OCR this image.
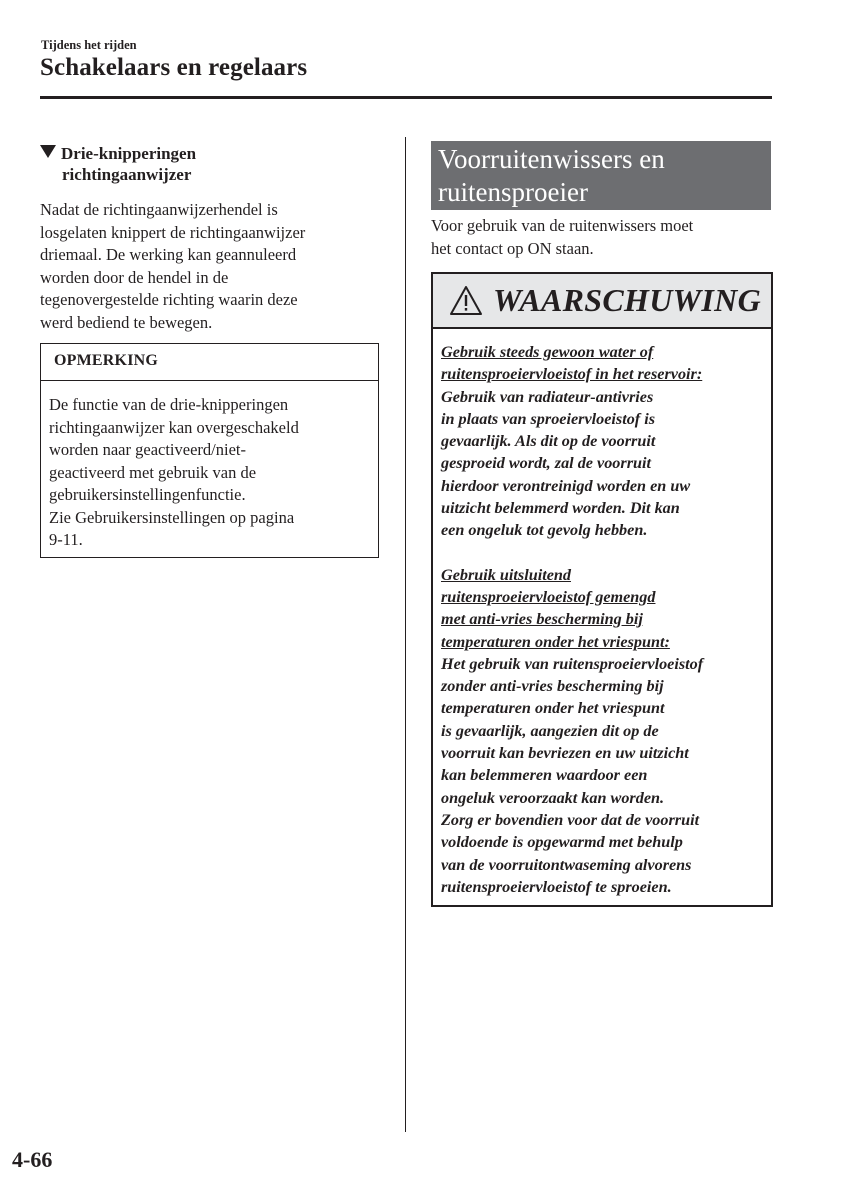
Tijdens het rijden
Schakelaars en regelaars
Drie-knipperingen
richtingaanwijzer
Nadat de richtingaanwijzerhendel is
losgelaten knippert de richtingaanwijzer
driemaal. De werking kan geannuleerd
worden door de hendel in de
tegenovergestelde richting waarin deze
werd bediend te bewegen.
OPMERKING
De functie van de drie-knipperingen
richtingaanwijzer kan overgeschakeld
worden naar geactiveerd/niet-
geactiveerd met gebruik van de
gebruikersinstellingenfunctie.
Zie Gebruikersinstellingen op pagina
9-11.
Voorruitenwissers en
ruitensproeier
Voor gebruik van de ruitenwissers moet
het contact op ON staan.
WAARSCHUWING
Gebruik steeds gewoon water of
ruitensproeiervloeistof in het reservoir:
Gebruik van radiateur-antivries
in plaats van sproeiervloeistof is
gevaarlijk. Als dit op de voorruit
gesproeid wordt, zal de voorruit
hierdoor verontreinigd worden en uw
uitzicht belemmerd worden. Dit kan
een ongeluk tot gevolg hebben.
Gebruik uitsluitend
ruitensproeiervloeistof gemengd
met anti-vries bescherming bij
temperaturen onder het vriespunt:
Het gebruik van ruitensproeiervloeistof
zonder anti-vries bescherming bij
temperaturen onder het vriespunt
is gevaarlijk, aangezien dit op de
voorruit kan bevriezen en uw uitzicht
kan belemmeren waardoor een
ongeluk veroorzaakt kan worden.
Zorg er bovendien voor dat de voorruit
voldoende is opgewarmd met behulp
van de voorruitontwaseming alvorens
ruitensproeiervloeistof te sproeien.
4-66
